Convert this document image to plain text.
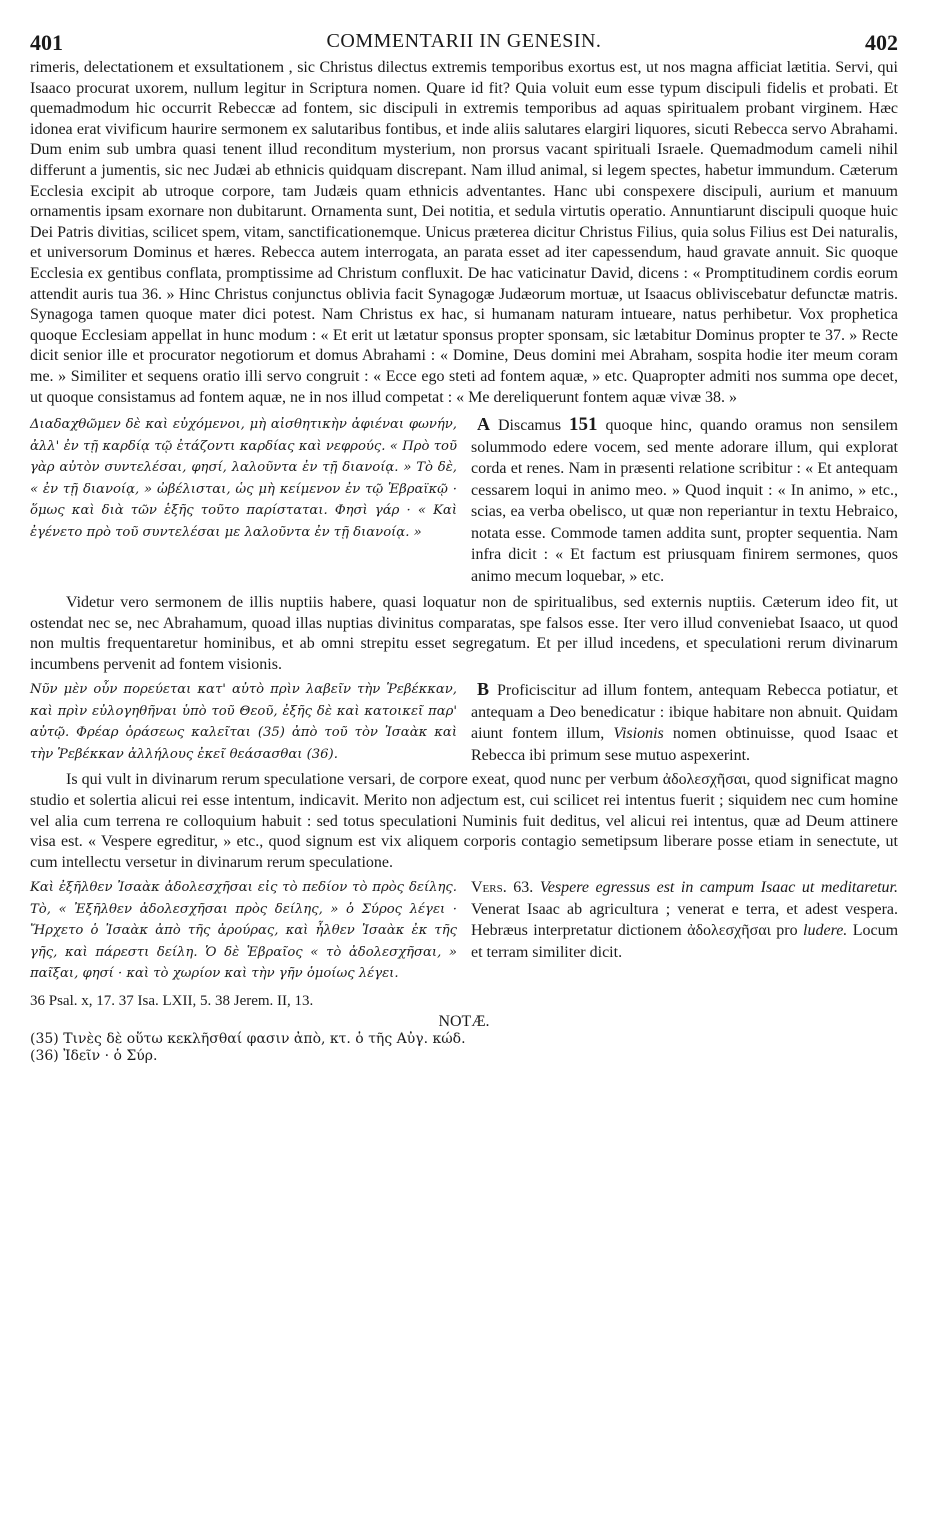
401	COMMENTARII IN GENESIN.	402
rimeris, delectationem et exsultationem , sic Christus dilectus extremis temporibus exortus est, ut nos magna afficiat lætitia. Servi, qui Isaaco procurat uxorem, nullum legitur in Scriptura nomen. Quare id fit? Quia voluit eum esse typum discipuli fidelis et probati. Et quemadmodum hic occurrit Rebeccæ ad fontem, sic discipuli in extremis temporibus ad aquas spiritualem probant virginem. Hæc idonea erat vivificum haurire sermonem ex salutaribus fontibus, et inde aliis salutares elargiri liquores, sicuti Rebecca servo Abrahami. Dum enim sub umbra quasi tenent illud reconditum mysterium, non prorsus vacant spirituali Israele. Quemadmodum cameli nihil differunt a jumentis, sic nec Judæi ab ethnicis quidquam discrepant. Nam illud animal, si legem spectes, habetur immundum. Cæterum Ecclesia excipit ab utroque corpore, tam Judæis quam ethnicis adventantes. Hanc ubi conspexere discipuli, aurium et manuum ornamentis ipsam exornare non dubitarunt. Ornamenta sunt, Dei notitia, et sedula virtutis operatio. Annuntiarunt discipuli quoque huic Dei Patris divitias, scilicet spem, vitam, sanctificationemque. Unicus præterea dicitur Christus Filius, quia solus Filius est Dei naturalis, et universorum Dominus et hæres. Rebecca autem interrogata, an parata esset ad iter capessendum, haud gravate annuit. Sic quoque Ecclesia ex gentibus conflata, promptissime ad Christum confluxit. De hac vaticinatur David, dicens : « Promptitudinem cordis eorum attendit auris tua 36. » Hinc Christus conjunctus oblivia facit Synagogæ Judæorum mortuæ, ut Isaacus obliviscebatur defunctæ matris. Synagoga tamen quoque mater dici potest. Nam Christus ex hac, si humanam naturam intueare, natus perhibetur. Vox prophetica quoque Ecclesiam appellat in hunc modum : « Et erit ut lætatur sponsus propter sponsam, sic lætabitur Dominus propter te 37. » Recte dicit senior ille et procurator negotiorum et domus Abrahami : « Domine, Deus domini mei Abraham, sospita hodie iter meum coram me. » Similiter et sequens oratio illi servo congruit : « Ecce ego steti ad fontem aquæ, » etc. Quapropter admiti nos summa ope decet, ut quoque consistamus ad fontem aquæ, ne in nos illud competat : « Me dereliquerunt fontem aquæ vivæ 38. »
Διαδαχθῶμεν δὲ καὶ εὐχόμενοι, μὴ αἰσθητικὴν ἀφιέναι φωνήν, ἀλλ' ἐν τῇ καρδίᾳ τῷ ἐτάζοντι καρδίας καὶ νεφρούς. « Πρὸ τοῦ γὰρ αὐτὸν συντελέσαι, φησί, λαλοῦντα ἐν τῇ διανοίᾳ. » Τὸ δὲ, « ἐν τῇ διανοίᾳ, » ὠβέλισται, ὡς μὴ κείμενον ἐν τῷ Ἑβραϊκῷ · ὅμως καὶ διὰ τῶν ἑξῆς τοῦτο παρίσταται. Φησὶ γάρ · « Καὶ ἐγένετο πρὸ τοῦ συντελέσαι με λαλοῦντα ἐν τῇ διανοίᾳ. »
A Discamus 151 quoque hinc, quando oramus non sensilem solummodo edere vocem, sed mente adorare illum, qui explorat corda et renes. Nam in præsenti relatione scribitur : « Et antequam cessarem loqui in animo meo. » Quod inquit : « In animo, » etc., scias, ea verba obelisco, ut quæ non reperiantur in textu Hebraico, notata esse. Commode tamen addita sunt, propter sequentia. Nam infra dicit : « Et factum est priusquam finirem sermones, quos animo mecum loquebar, » etc.
Videtur vero sermonem de illis nuptiis habere, quasi loquatur non de spiritualibus, sed externis nuptiis. Cæterum ideo fit, ut ostendat nec se, nec Abrahamum, quoad illas nuptias divinitus comparatas, spe falsos esse. Iter vero illud conveniebat Isaaco, ut quod non multis frequentaretur hominibus, et ab omni strepitu esset segregatum. Et per illud incedens, et speculationi rerum divinarum incumbens pervenit ad fontem visionis.
Νῦν μὲν οὖν πορεύεται κατ' αὐτὸ πρὶν λαβεῖν τὴν Ῥεβέκκαν, καὶ πρὶν εὐλογηθῆναι ὑπὸ τοῦ Θεοῦ, ἐξῆς δὲ καὶ κατοικεῖ παρ' αὐτῷ. Φρέαρ ὁράσεως καλεῖται (35) ἀπὸ τοῦ τὸν Ἰσαὰκ καὶ τὴν Ῥεβέκκαν ἀλλήλους ἐκεῖ θεάσασθαι (36).
B Proficiscitur ad illum fontem, antequam Rebecca potiatur, et antequam a Deo benedicatur : ibique habitare non abnuit. Quidam aiunt fontem illum, Visionis nomen obtinuisse, quod Isaac et Rebecca ibi primum sese mutuo aspexerint.
Is qui vult in divinarum rerum speculatione versari, de corpore exeat, quod nunc per verbum ἀδολεσχῆσαι, quod significat magno studio et solertia alicui rei esse intentum, indicavit. Merito non adjectum est, cui scilicet rei intentus fuerit ; siquidem nec cum homine vel alia cum terrena re colloquium habuit : sed totus speculationi Numinis fuit deditus, vel alicui rei intentus, quæ ad Deum attinere visa est. « Vespere egreditur, » etc., quod signum est vix aliquem corporis contagio semetipsum liberare posse etiam in senectute, ut cum intellectu versetur in divinarum rerum speculatione.
Καὶ ἐξῆλθεν Ἰσαὰκ ἀδολεσχῆσαι εἰς τὸ πεδίον τὸ πρὸς δείλης. Τὸ, « Ἐξῆλθεν ἀδολεσχῆσαι πρὸς δείλης, » ὁ Σύρος λέγει · Ἤρχετο ὁ Ἰσαὰκ ἀπὸ τῆς ἀρούρας, καὶ ἦλθεν Ἰσαὰκ ἐκ τῆς γῆς, καὶ πάρεστι δείλη. Ὁ δὲ Ἑβραῖος « τὸ ἀδολεσχῆσαι, » παῖξαι, φησί · καὶ τὸ χωρίον καὶ τὴν γῆν ὁμοίως λέγει.
Vers. 63. Vespere egressus est in campum Isaac ut meditaretur. Venerat Isaac ab agricultura ; venerat e terra, et adest vespera. Hebræus interpretatur dictionem ἀδολεσχῆσαι pro ludere. Locum et terram similiter dicit.
36 Psal. x, 17. 37 Isa. LXII, 5. 38 Jerem. II, 13.
NOTÆ.
(35) Τινὲς δὲ οὕτω κεκλῆσθαί φασιν ἀπὸ, κτ. ὁ τῆς Αὐγ. κώδ.
(36) Ἰδεῖν · ὁ Σύρ.
